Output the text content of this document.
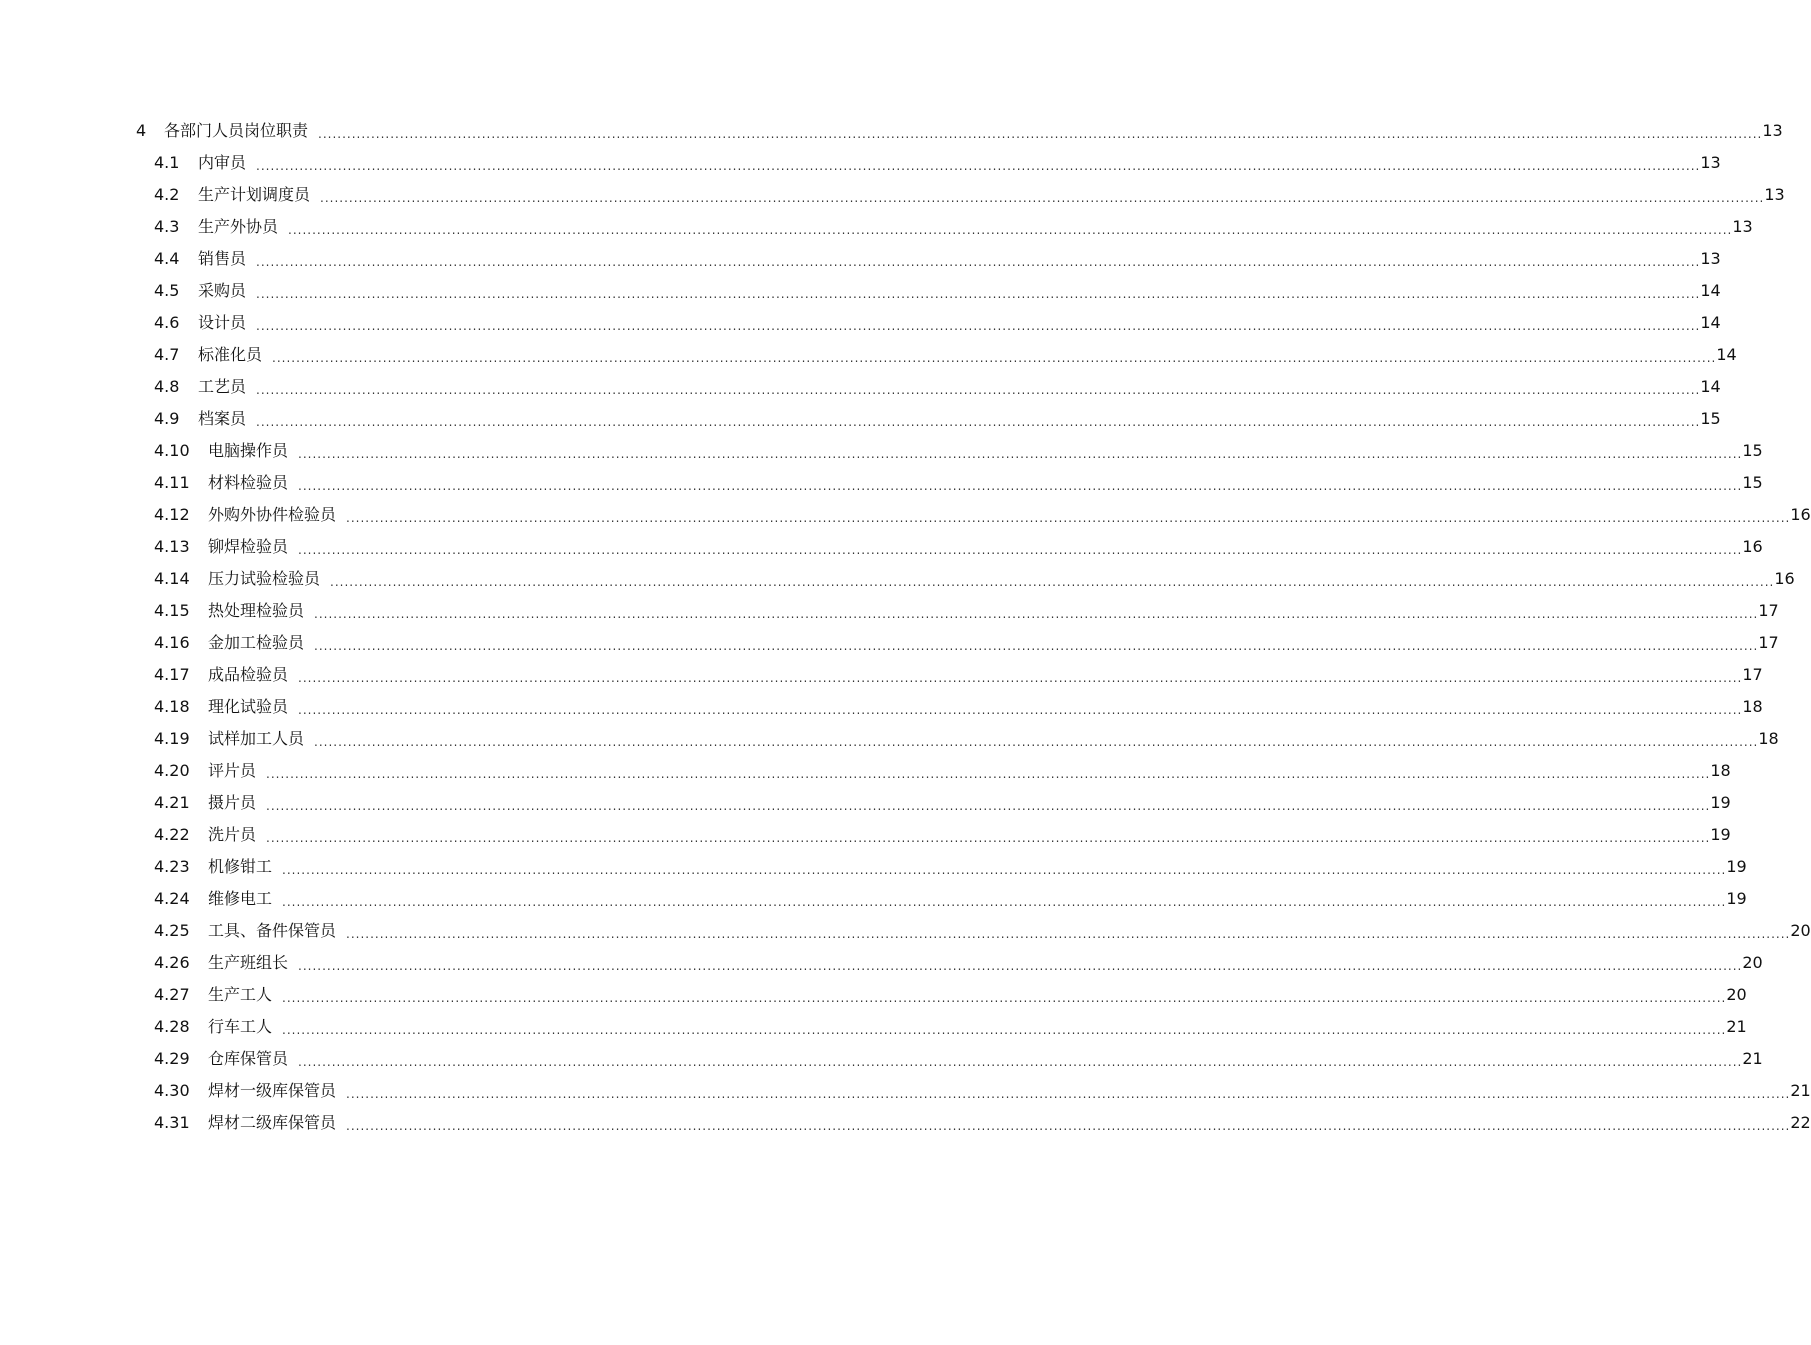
4	各部门人员岗位职责 ............................................................................................................................................................................................................................................................................................................ 13
4.1	内审员 ............................................................................................................................................................................................................................................................................................................ 13
4.2	生产计划调度员 ............................................................................................................................................................................................................................................................................................................ 13
4.3	生产外协员 ............................................................................................................................................................................................................................................................................................................ 13
4.4	销售员 ............................................................................................................................................................................................................................................................................................................ 13
4.5	采购员 ............................................................................................................................................................................................................................................................................................................ 14
4.6	设计员 ............................................................................................................................................................................................................................................................................................................ 14
4.7	标准化员 ............................................................................................................................................................................................................................................................................................................ 14
4.8	工艺员 ............................................................................................................................................................................................................................................................................................................ 14
4.9	档案员 ............................................................................................................................................................................................................................................................................................................ 15
4.10	电脑操作员 ............................................................................................................................................................................................................................................................................................................ 15
4.11	材料检验员 ............................................................................................................................................................................................................................................................................................................ 15
4.12	外购外协件检验员 ............................................................................................................................................................................................................................................................................................................ 16
4.13	铆焊检验员 ............................................................................................................................................................................................................................................................................................................ 16
4.14	压力试验检验员 ............................................................................................................................................................................................................................................................................................................ 16
4.15	热处理检验员 ............................................................................................................................................................................................................................................................................................................ 17
4.16	金加工检验员 ............................................................................................................................................................................................................................................................................................................ 17
4.17	成品检验员 ............................................................................................................................................................................................................................................................................................................ 17
4.18	理化试验员 ............................................................................................................................................................................................................................................................................................................ 18
4.19	试样加工人员 ............................................................................................................................................................................................................................................................................................................ 18
4.20	评片员 ............................................................................................................................................................................................................................................................................................................ 18
4.21	摄片员 ............................................................................................................................................................................................................................................................................................................ 19
4.22	洗片员 ............................................................................................................................................................................................................................................................................................................ 19
4.23	机修钳工 ............................................................................................................................................................................................................................................................................................................ 19
4.24	维修电工 ............................................................................................................................................................................................................................................................................................................ 19
4.25	工具、备件保管员 ............................................................................................................................................................................................................................................................................................................ 20
4.26	生产班组长 ............................................................................................................................................................................................................................................................................................................ 20
4.27	生产工人 ............................................................................................................................................................................................................................................................................................................ 20
4.28	行车工人 ............................................................................................................................................................................................................................................................................................................ 21
4.29	仓库保管员 ............................................................................................................................................................................................................................................................................................................ 21
4.30	焊材一级库保管员 ............................................................................................................................................................................................................................................................................................................ 21
4.31	焊材二级库保管员 ............................................................................................................................................................................................................................................................................................................ 22
